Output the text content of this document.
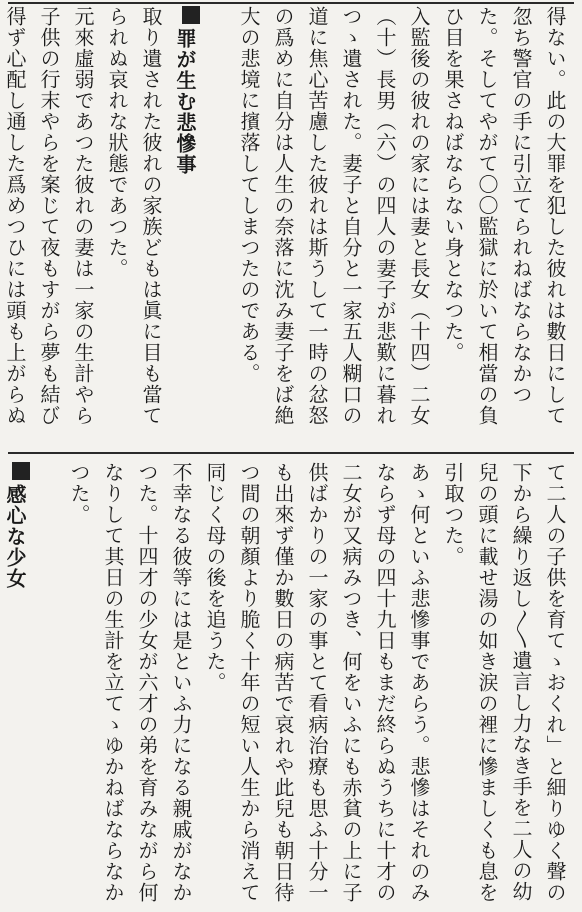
得ない。此の大罪を犯した彼れは數日にして忽ち警官の手に引立てられねばならなかつた。そしてやがて〇〇監獄に於いて相當の負ひ目を果さねばならない身となつた。

入監後の彼れの家には妻と長女（十四）二女（十）長男（六）の四人の妻子が悲歎に暮れつゝ遺された。妻子と自分と一家五人糊口の道に焦心苦慮した彼れは斯うして一時の忿怒の爲めに自分は人生の奈落に沈み妻子をば絶大の悲境に擯落してしまつたのである。

罪が生む悲慘事

取り遺された彼れの家族どもは眞に目も當てられぬ哀れな狀態であつた。

元來虛弱であつた彼れの妻は一家の生計やら子供の行末やらを案じて夜もすがら夢も結び得ず心配し通した爲めつひには頭も上がらぬ

て二人の子供を育てゝおくれ」と細りゆく聲の下から繰り返し〳〵遺言し力なき手を二人の幼兒の頭に載せ湯の如き涙の裡に慘ましくも息を引取つた。

あゝ何といふ悲慘事であらう。悲慘はそれのみならず母の四十九日もまだ終らぬうちに十才の二女が又病みつき、何をいふにも赤貧の上に子供ばかりの一家の事とて看病治療も思ふ十分一も出來ず僅か數日の病苦で哀れや此兒も朝日待つ間の朝顏より脆く十年の短い人生から消えて同じく母の後を追うた。

不幸なる彼等には是といふ力になる親戚がなかつた。十四才の少女が六才の弟を育みながら何なりして其日の生計を立てゝゆかねばならなかつた。

感心な少女
